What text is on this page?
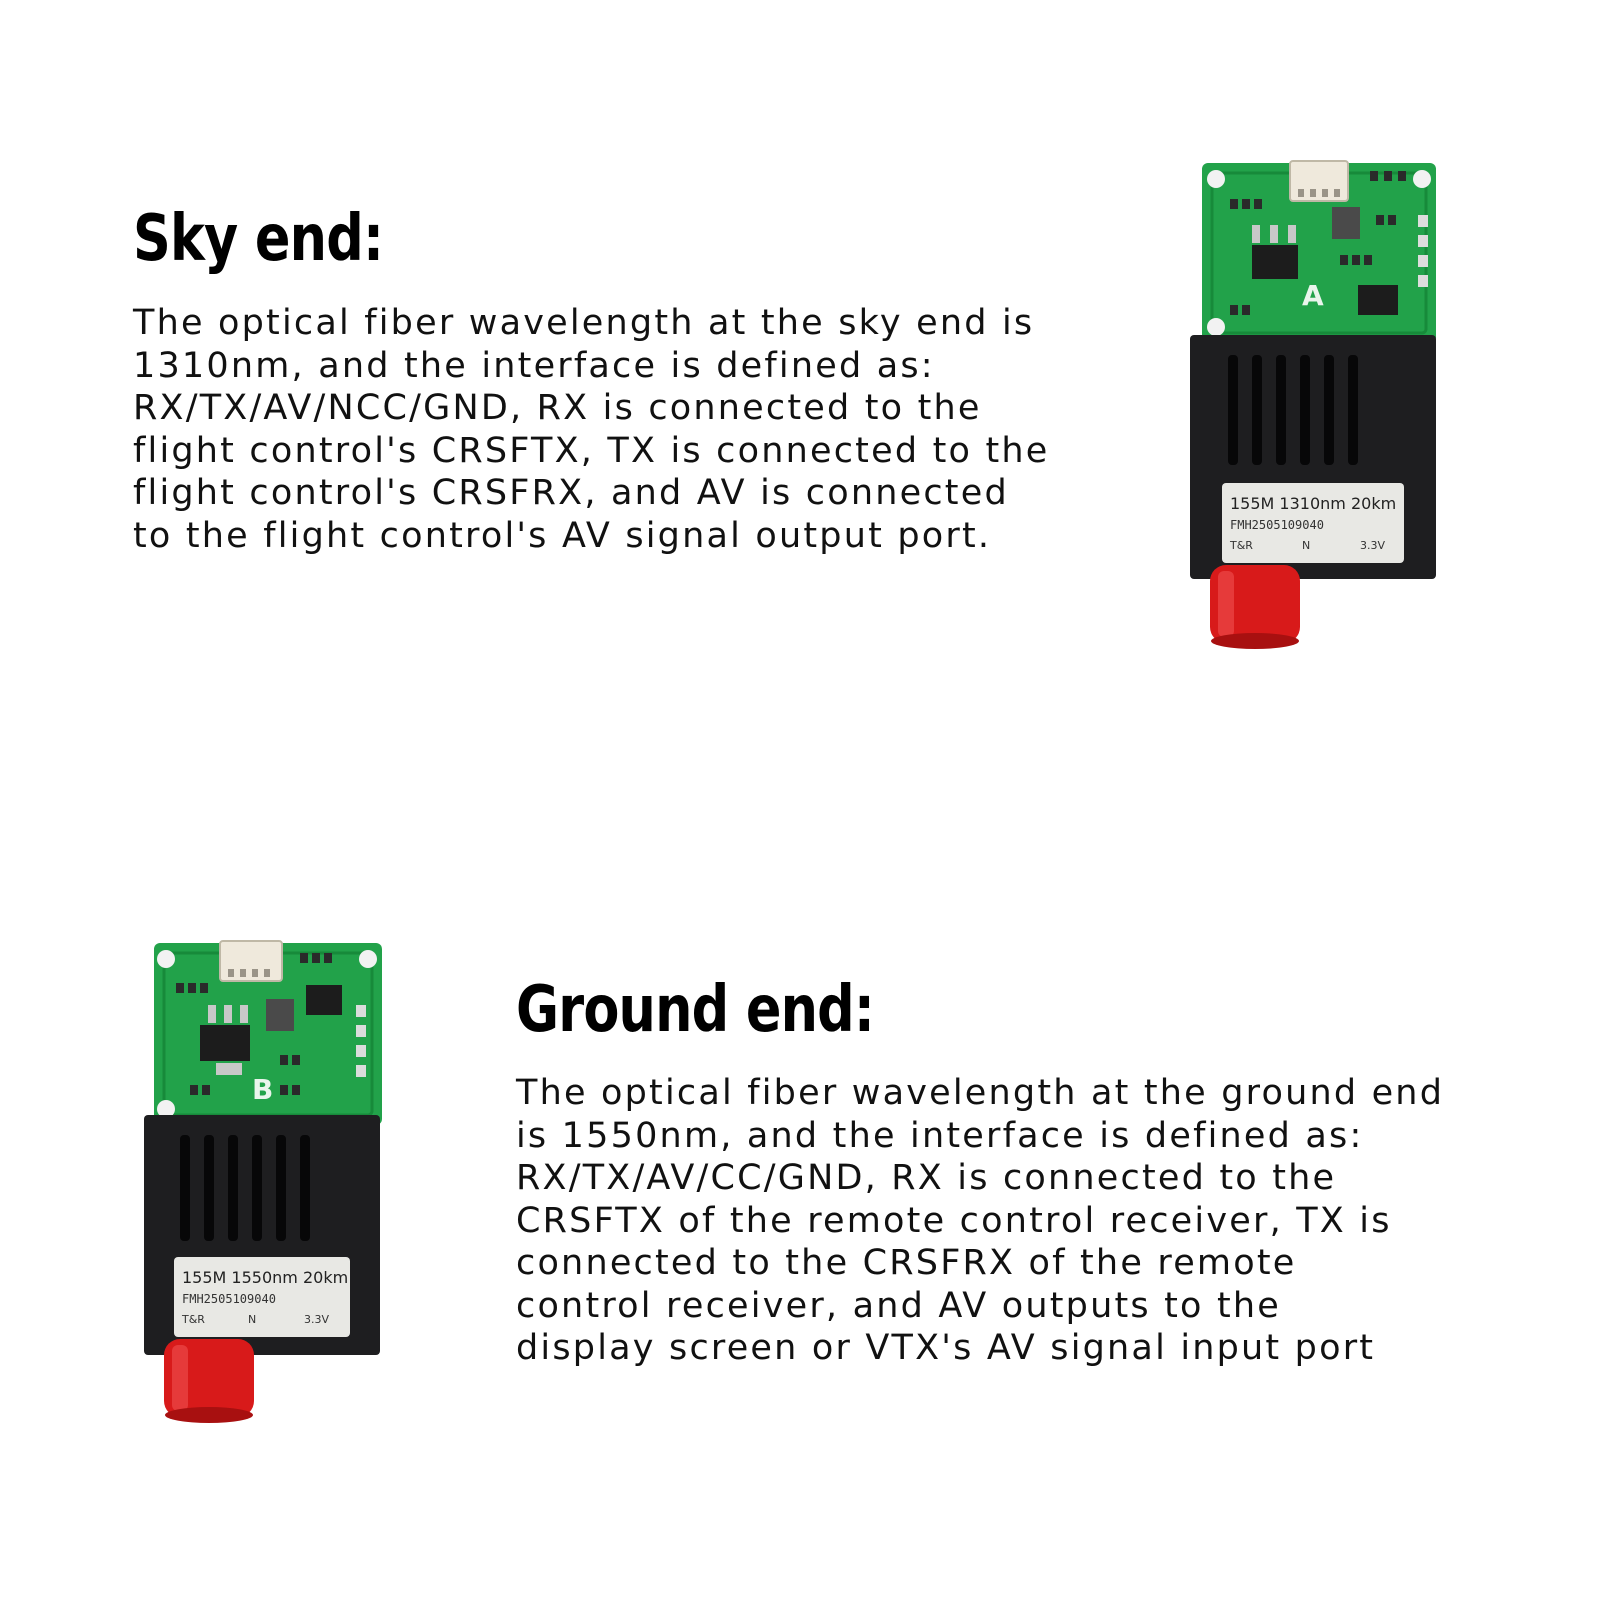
Sky end:
The optical fiber wavelength at the sky end is
1310nm, and the interface is defined as:
RX/TX/AV/NCC/GND, RX is connected to the
flight control's CRSFTX, TX is connected to the
flight control's CRSFRX, and AV is connected
to the flight control's AV signal output port.
A
155M 1310nm 20km
FMH2505109040
T&R	N	3.3V
B
155M 1550nm 20km
FMH2505109040
T&R	N	3.3V
Ground end:
The optical fiber wavelength at the ground end
is 1550nm, and the interface is defined as:
RX/TX/AV/CC/GND, RX is connected to the
CRSFTX of the remote control receiver, TX is
connected to the CRSFRX of the remote
control receiver, and AV outputs to the
display screen or VTX's AV signal input port
